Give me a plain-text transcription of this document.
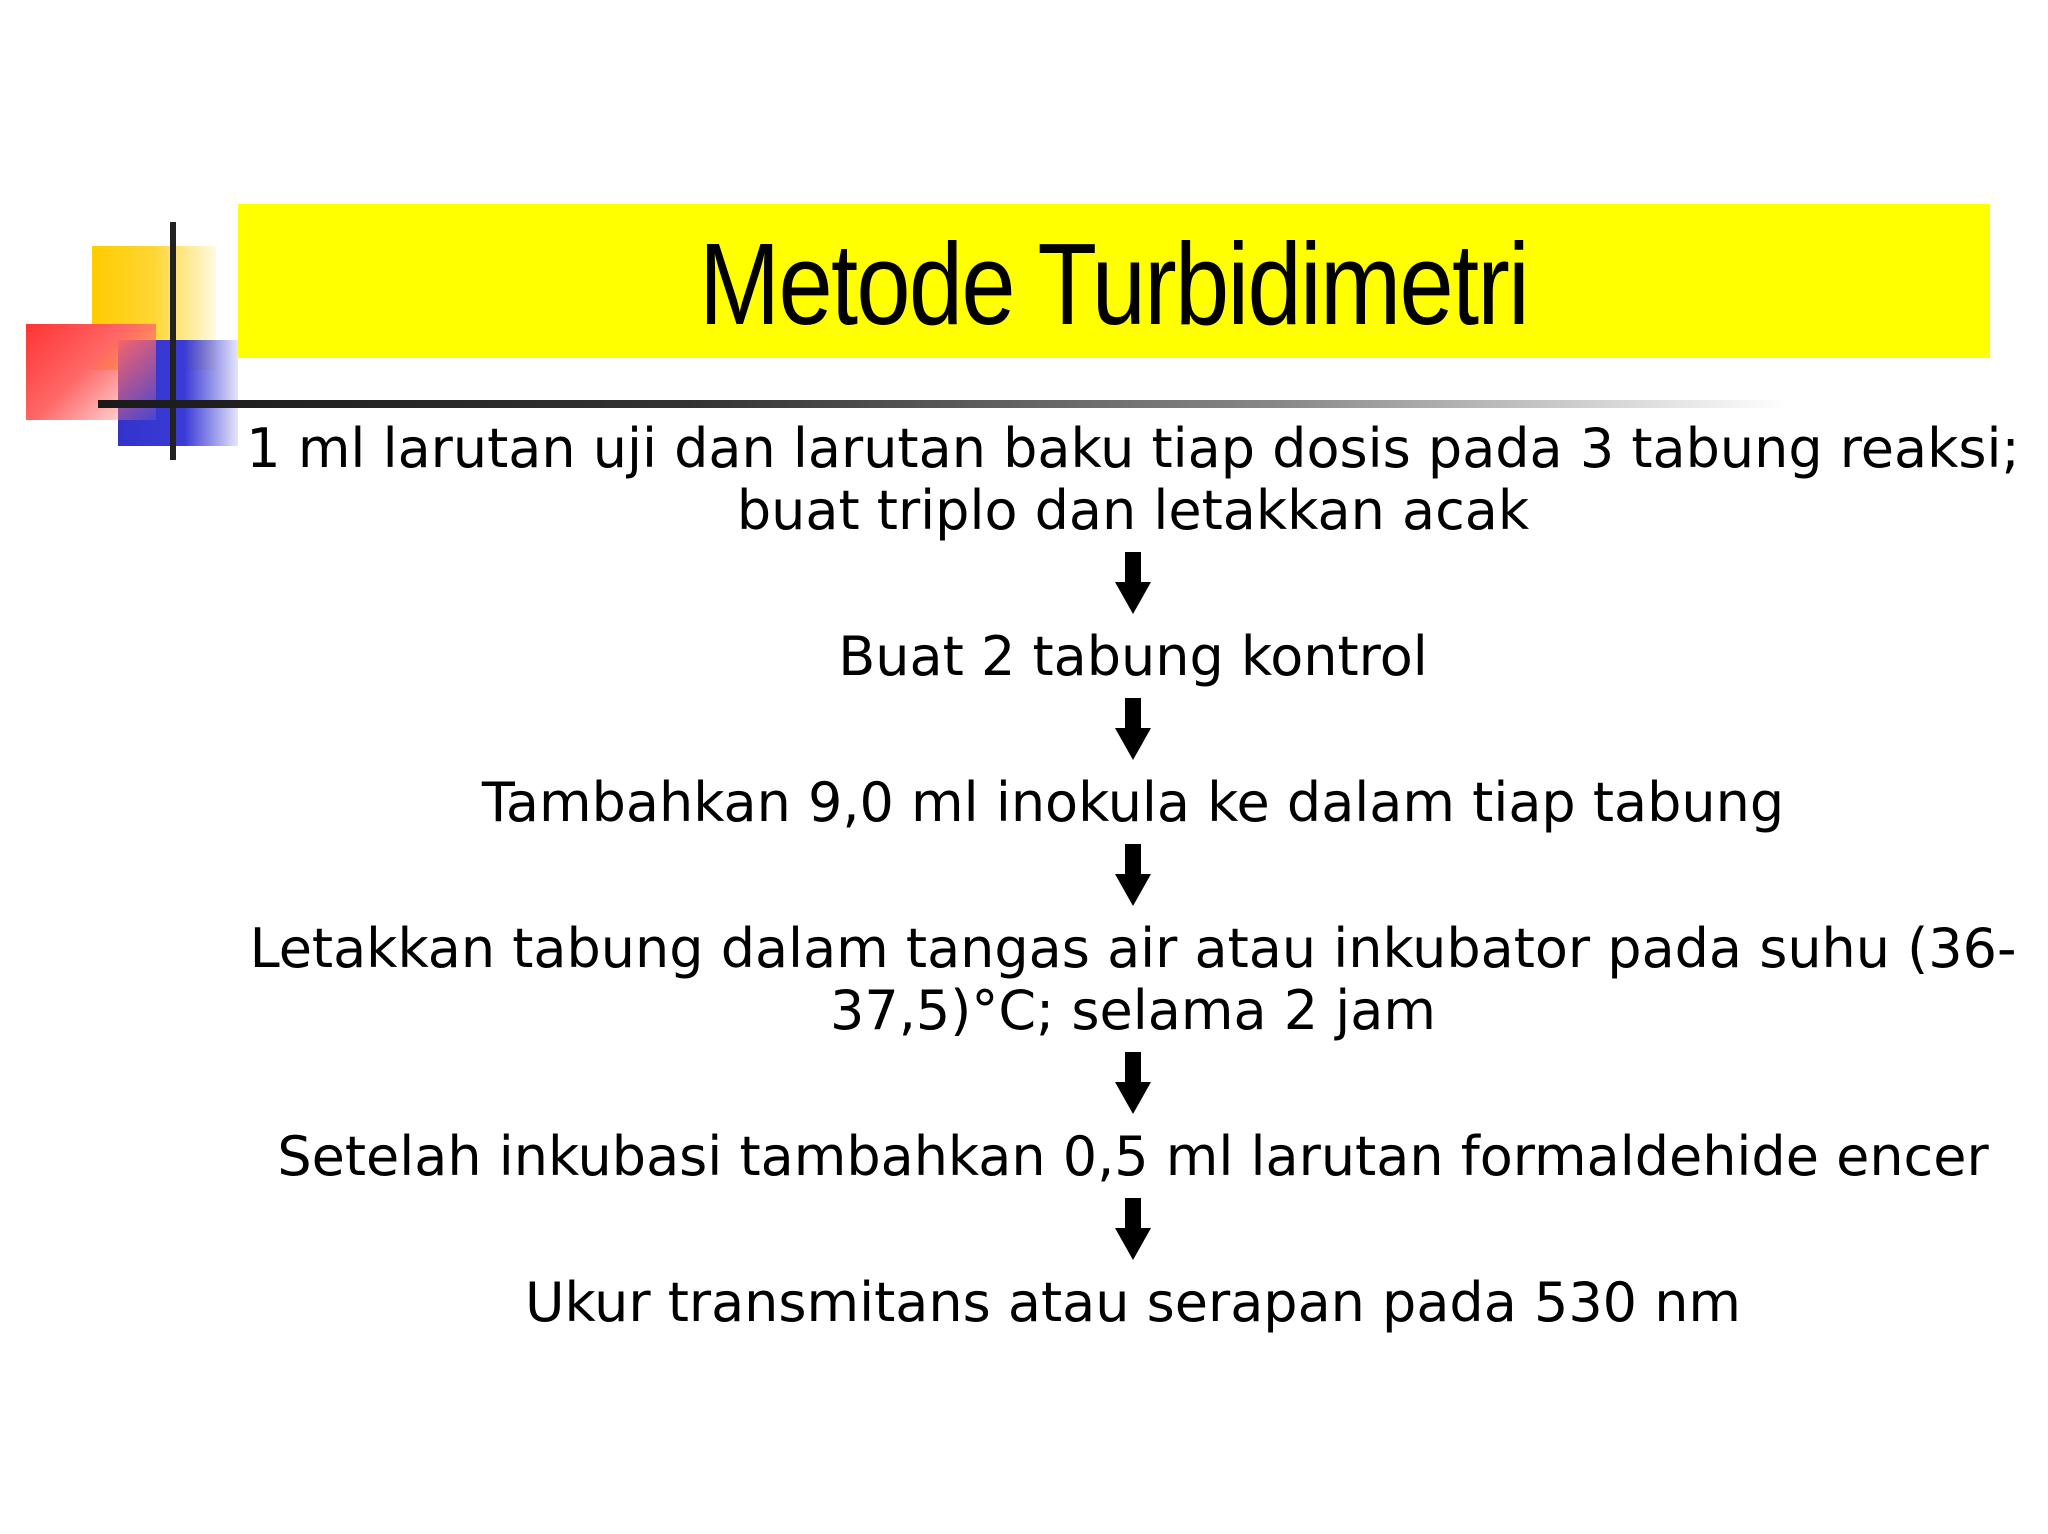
Metode Turbidimetri
1 ml larutan uji dan larutan baku tiap dosis pada 3 tabung reaksi;
buat triplo dan letakkan acak
Buat 2 tabung kontrol
Tambahkan 9,0 ml inokula ke dalam tiap tabung
Letakkan tabung dalam tangas air atau inkubator pada suhu (36-
37,5)°C; selama 2 jam
Setelah inkubasi tambahkan 0,5 ml larutan formaldehide encer
Ukur transmitans atau serapan pada 530 nm
